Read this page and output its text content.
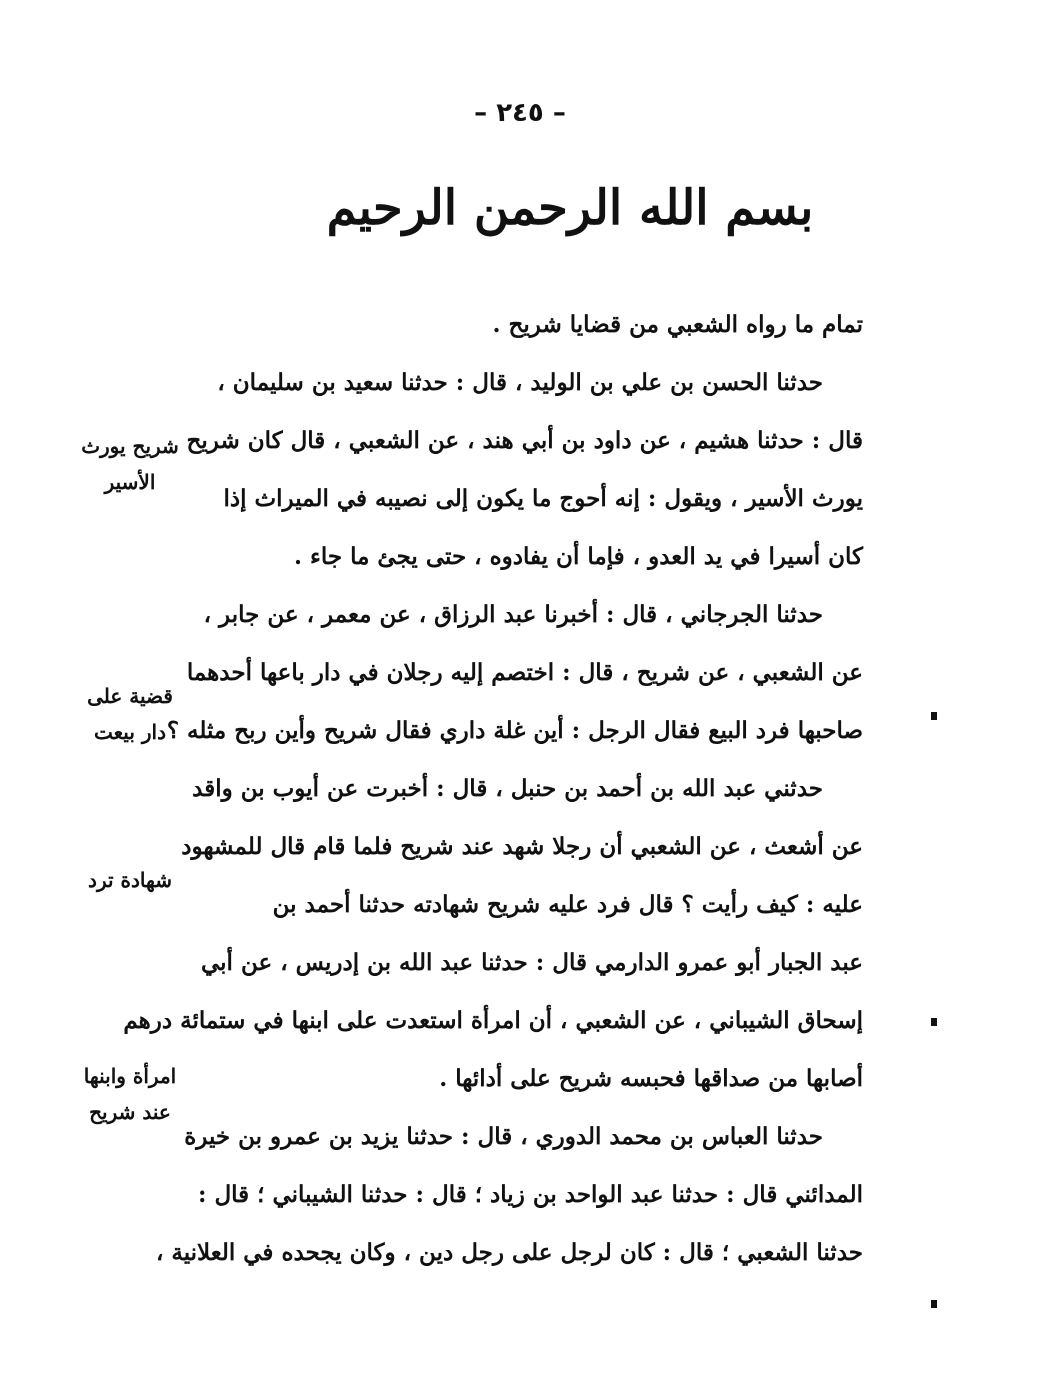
– ٢٤٥ –
بسم الله الرحمن الرحيم
تمام ما رواه الشعبي من قضايا شريح .
حدثنا الحسن بن علي بن الوليد ، قال : حدثنا سعيد بن سليمان ،
قال : حدثنا هشيم ، عن داود بن أبي هند ، عن الشعبي ، قال كان شريح
يورث الأسير ، ويقول : إنه أحوج ما يكون إلى نصيبه في الميراث إذا
كان أسيرا في يد العدو ، فإما أن يفادوه ، حتى يجئ ما جاء .
حدثنا الجرجاني ، قال : أخبرنا عبد الرزاق ، عن معمر ، عن جابر ،
عن الشعبي ، عن شريح ، قال : اختصم إليه رجلان في دار باعها أحدهما
صاحبها فرد البيع فقال الرجل : أين غلة داري فقال شريح وأين ربح مثله ؟
حدثني عبد الله بن أحمد بن حنبل ، قال : أخبرت عن أيوب بن واقد
عن أشعث ، عن الشعبي أن رجلا شهد عند شريح فلما قام قال للمشهود
عليه : كيف رأيت ؟ قال فرد عليه شريح شهادته حدثنا أحمد بن
عبد الجبار أبو عمرو الدارمي قال : حدثنا عبد الله بن إدريس ، عن أبي
إسحاق الشيباني ، عن الشعبي ، أن امرأة استعدت على ابنها في ستمائة درهم
أصابها من صداقها فحبسه شريح على أدائها .
حدثنا العباس بن محمد الدوري ، قال : حدثنا يزيد بن عمرو بن خيرة
المدائني قال : حدثنا عبد الواحد بن زياد ؛ قال : حدثنا الشيباني ؛ قال :
حدثنا الشعبي ؛ قال : كان لرجل على رجل دين ، وكان يجحده في العلانية ،
شريح يورث
الأسير
قضية على
دار بيعت
شهادة ترد
امرأة وابنها
عند شريح
